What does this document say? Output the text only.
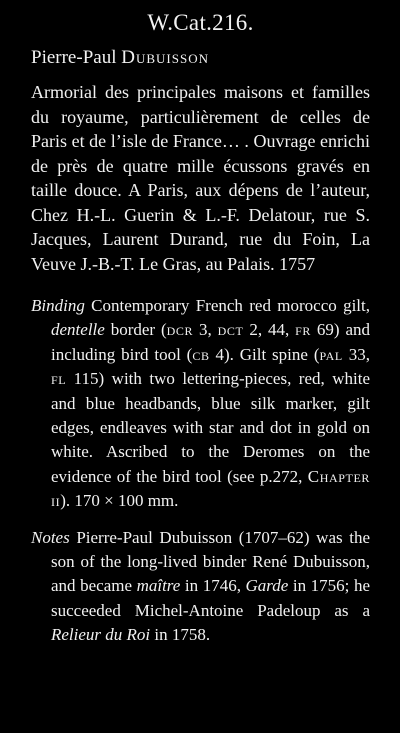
W.Cat.216.
Pierre-Paul Dubuisson

Armorial des principales maisons et familles du royaume, particulièrement de celles de Paris et de l’isle de France… . Ouvrage enrichi de près de quatre mille écussons gravés en taille douce. A Paris, aux dépens de l’auteur, Chez H.-L. Guerin & L.-F. Delatour, rue S. Jacques, Laurent Durand, rue du Foin, La Veuve J.-B.-T. Le Gras, au Palais. 1757

Binding Contemporary French red morocco gilt, dentelle border (dcr 3, dct 2, 44, fr 69) and including bird tool (cb 4). Gilt spine (pal 33, fl 115) with two lettering-pieces, red, white and blue headbands, blue silk marker, gilt edges, endleaves with star and dot in gold on white. Ascribed to the Deromes on the evidence of the bird tool (see p.272, Chapter ii). 170 × 100 mm.

Notes Pierre-Paul Dubuisson (1707–62) was the son of the long-lived binder René Dubuisson, and became maître in 1746, Garde in 1756; he succeeded Michel-Antoine Padeloup as a Relieur du Roi in 1758.
